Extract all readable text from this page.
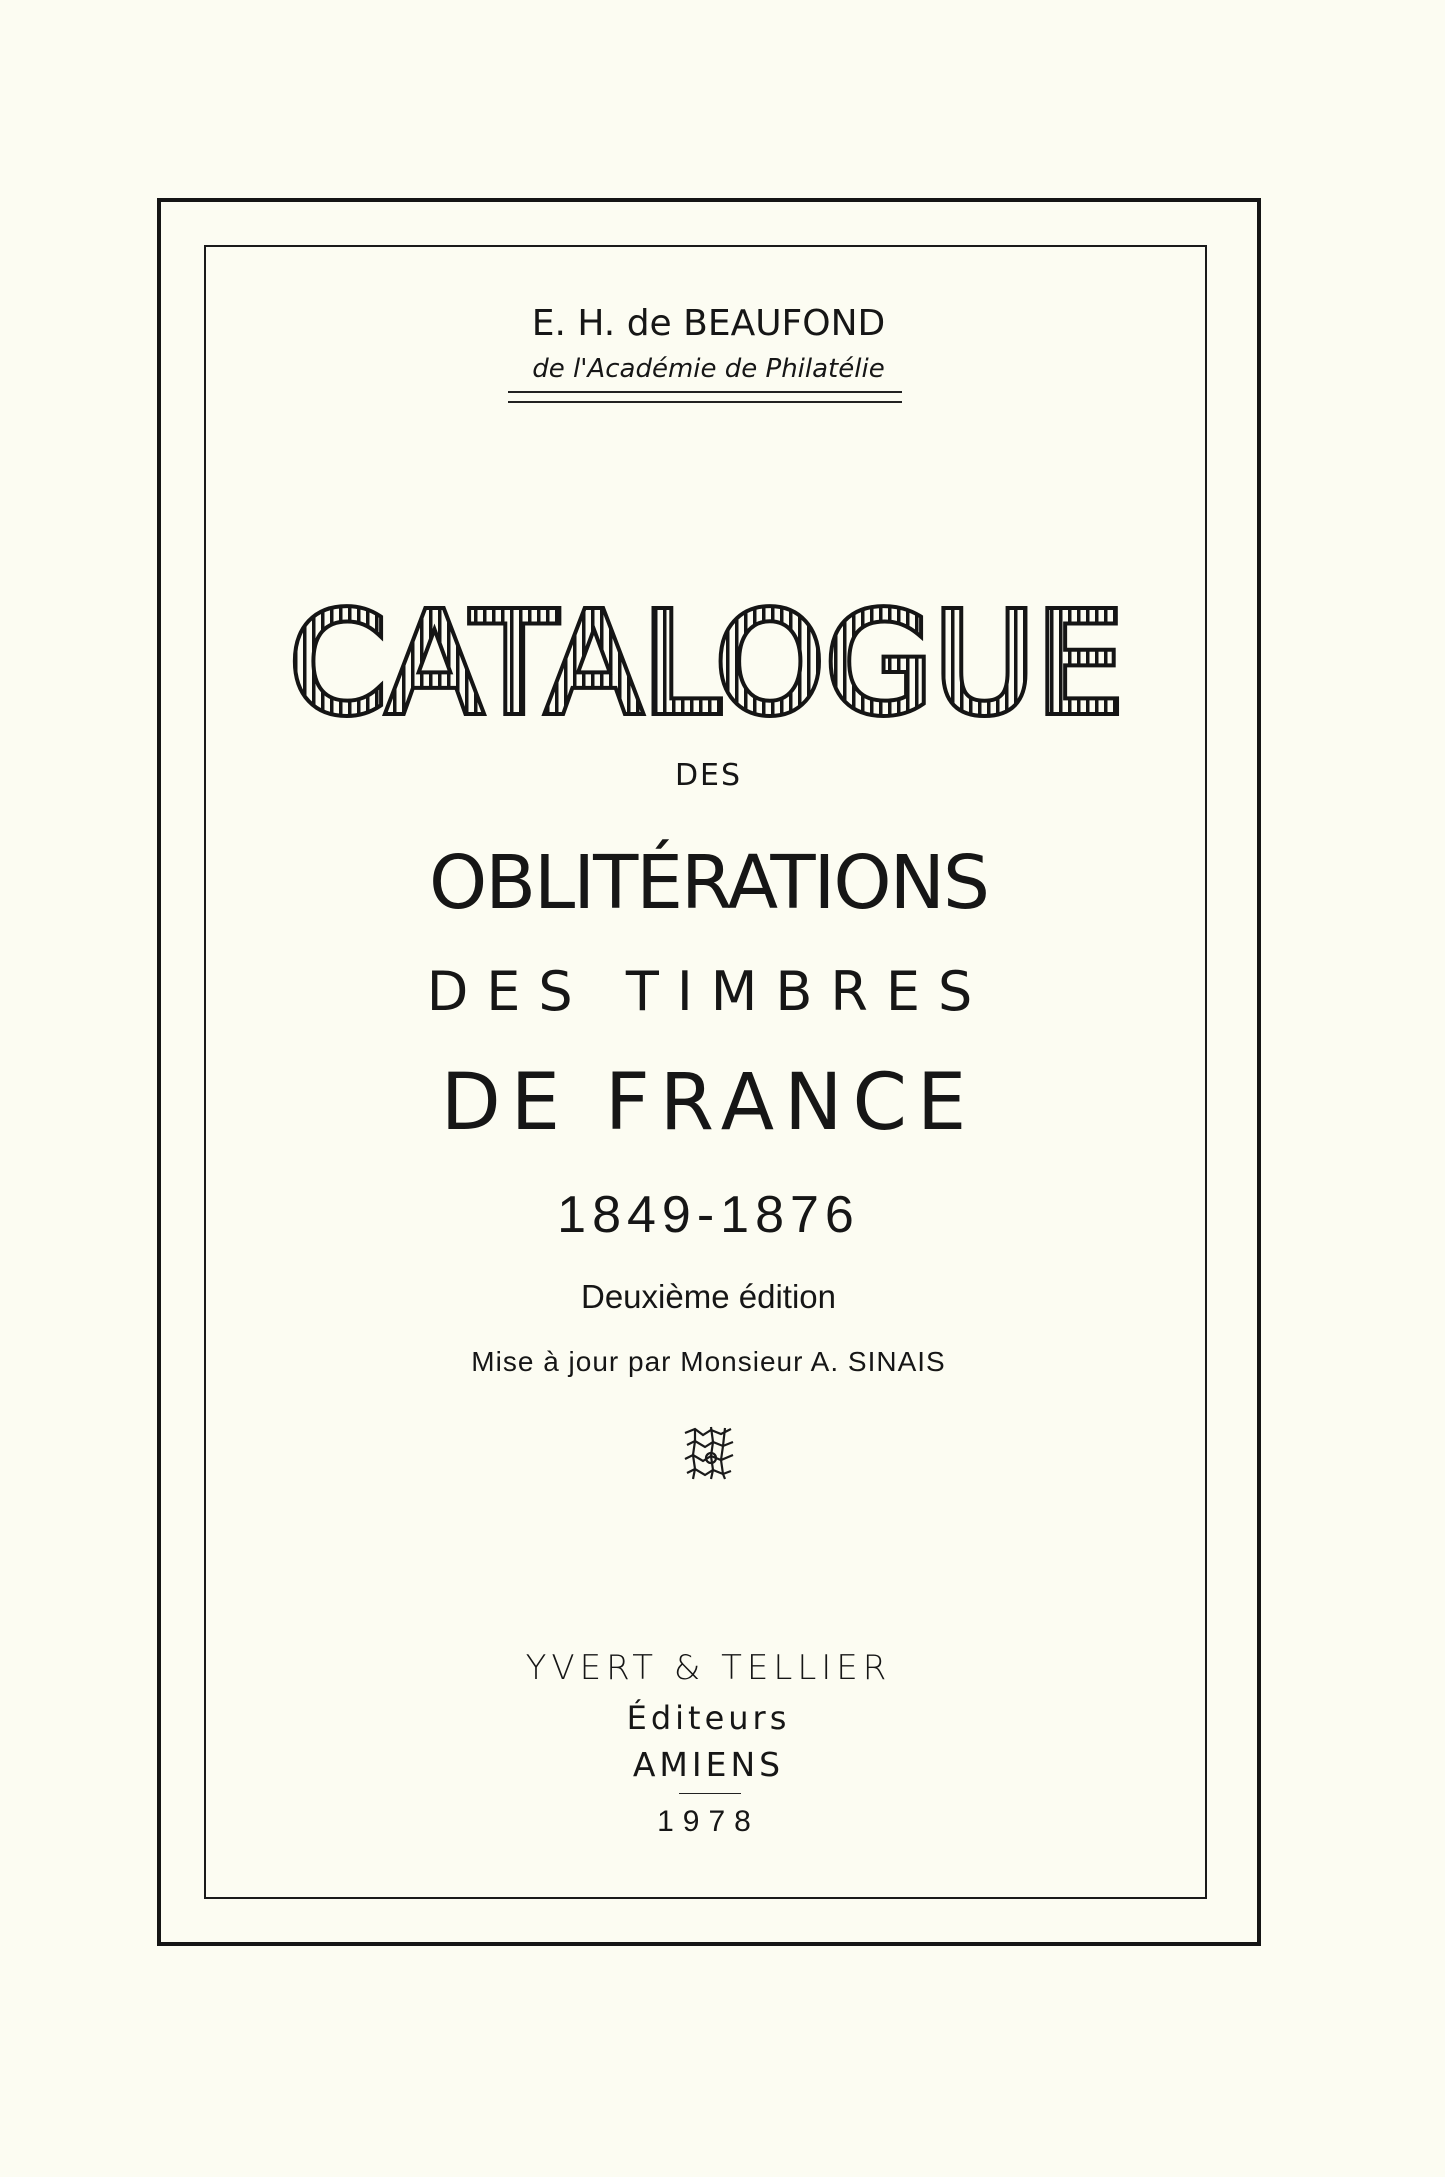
E. H. de BEAUFOND
de l'Académie de Philatélie
CATALOGUE
DES
OBLITÉRATIONS
DES TIMBRES
DE FRANCE
1849-1876
Deuxième édition
Mise à jour par Monsieur A. SINAIS
YVERT & TELLIER
Éditeurs
AMIENS
1978
